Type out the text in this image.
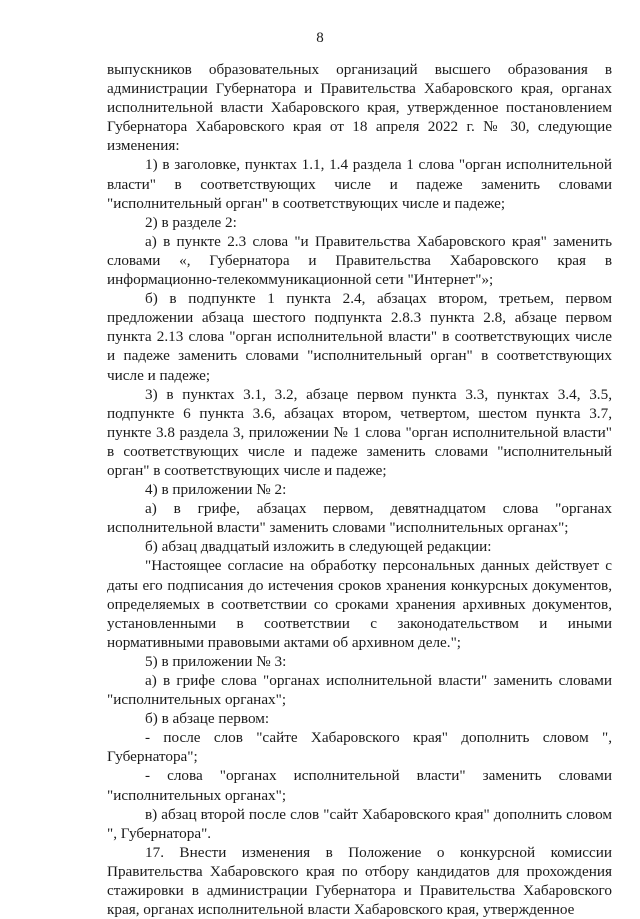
8

выпускников образовательных организаций высшего образования в администрации Губернатора и Правительства Хабаровского края, органах исполнительной власти Хабаровского края, утвержденное постановлением Губернатора Хабаровского края от 18 апреля 2022 г. № 30, следующие изменения:

1) в заголовке, пунктах 1.1, 1.4 раздела 1 слова "орган исполнительной власти" в соответствующих числе и падеже заменить словами "исполнительный орган" в соответствующих числе и падеже;

2) в разделе 2:

а) в пункте 2.3 слова "и Правительства Хабаровского края" заменить словами «, Губернатора и Правительства Хабаровского края в информационно-телекоммуникационной сети "Интернет"»;

б) в подпункте 1 пункта 2.4, абзацах втором, третьем, первом предложении абзаца шестого подпункта 2.8.3 пункта 2.8, абзаце первом пункта 2.13 слова "орган исполнительной власти" в соответствующих числе и падеже заменить словами "исполнительный орган" в соответствующих числе и падеже;

3) в пунктах 3.1, 3.2, абзаце первом пункта 3.3, пунктах 3.4, 3.5, подпункте 6 пункта 3.6, абзацах втором, четвертом, шестом пункта 3.7, пункте 3.8 раздела 3, приложении № 1 слова "орган исполнительной власти" в соответствующих числе и падеже заменить словами "исполнительный орган" в соответствующих числе и падеже;

4) в приложении № 2:

а) в грифе, абзацах первом, девятнадцатом слова "органах исполнительной власти" заменить словами "исполнительных органах";

б) абзац двадцатый изложить в следующей редакции:

"Настоящее согласие на обработку персональных данных действует с даты его подписания до истечения сроков хранения конкурсных документов, определяемых в соответствии со сроками хранения архивных документов, установленными в соответствии с законодательством и иными нормативными правовыми актами об архивном деле.";

5) в приложении № 3:

а) в грифе слова "органах исполнительной власти" заменить словами "исполнительных органах";

б) в абзаце первом:

- после слов "сайте Хабаровского края" дополнить словом ", Губернатора";

- слова "органах исполнительной власти" заменить словами "исполнительных органах";

в) абзац второй после слов "сайт Хабаровского края" дополнить словом ", Губернатора".

17. Внести изменения в Положение о конкурсной комиссии Правительства Хабаровского края по отбору кандидатов для прохождения стажировки в администрации Губернатора и Правительства Хабаровского края, органах исполнительной власти Хабаровского края, утвержденное
